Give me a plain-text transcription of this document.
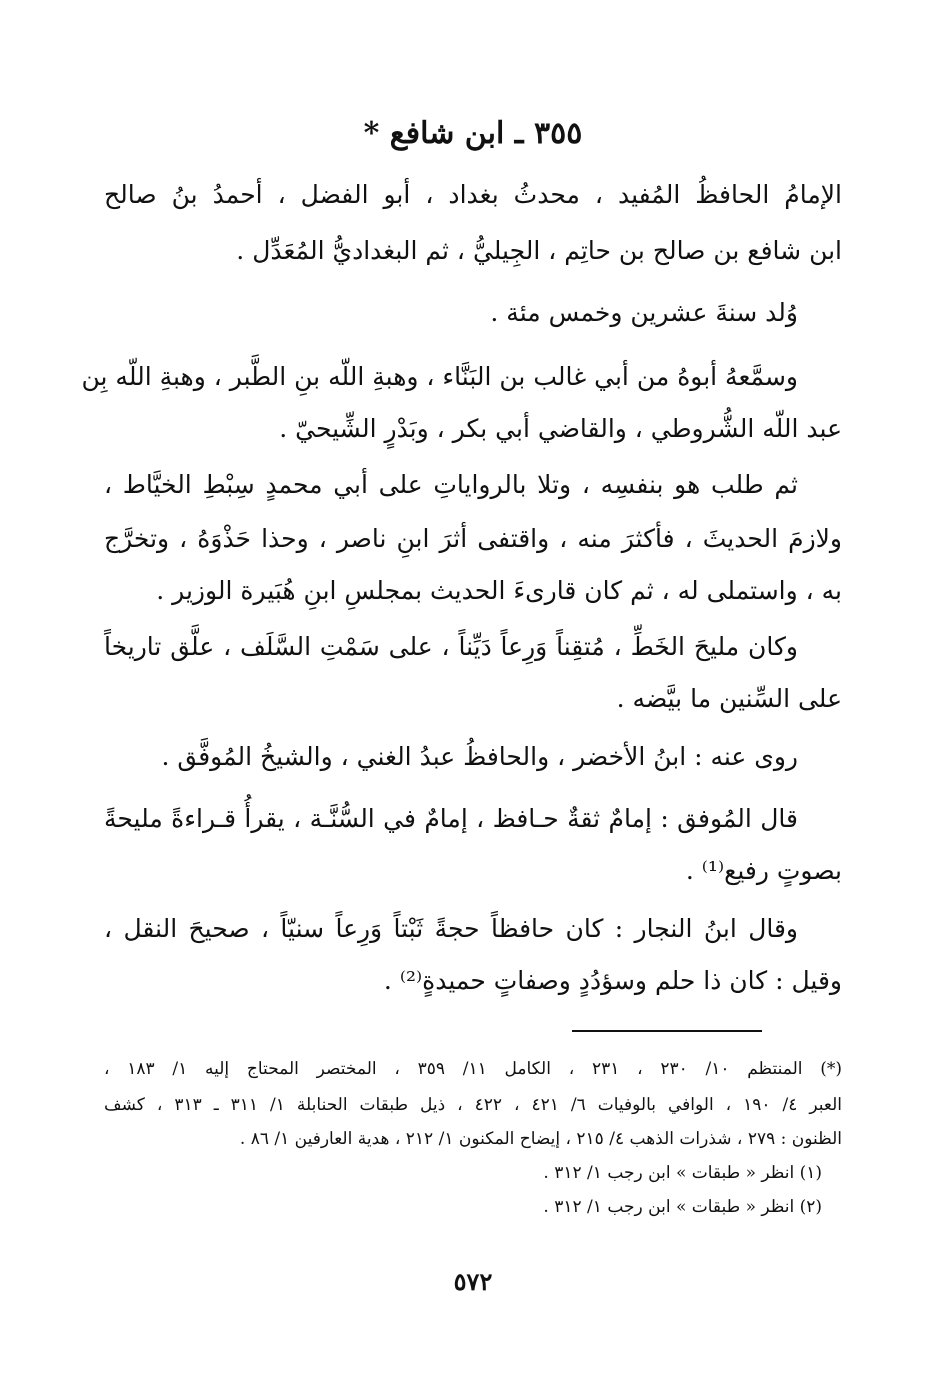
٣٥٥ ـ ابن شافع *
الإمامُ الحافظُ المُفيد ، محدثُ بغداد ، أبو الفضل ، أحمدُ بنُ صالح
ابن شافع بن صالح بن حاتِم ، الجِيليُّ ، ثم البغداديُّ المُعَدِّل .
وُلد سنةَ عشرين وخمس مئة .
وسمَّعهُ أبوهُ من أبي غالب بن البَنَّاء ، وهبةِ اللّه بنِ الطَّبر ، وهبةِ اللّه بِن
عبد اللّه الشُّروطي ، والقاضي أبي بكر ، وبَدْرٍ الشِّيحيّ .
ثم طلب هو بنفسِه ، وتلا بالرواياتِ على أبي محمدٍ سِبْطِ الخيَّاط ،
ولازمَ الحديثَ ، فأكثرَ منه ، واقتفى أثرَ ابنِ ناصر ، وحذا حَذْوَهُ ، وتخرَّج
به ، واستملى له ، ثم كان قارىءَ الحديث بمجلسِ ابنِ هُبَيرة الوزير .
وكان مليحَ الخَطِّ ، مُتقِناً وَرِعاً دَيِّناً ، على سَمْتِ السَّلَف ، علَّق تاريخاً
على السِّنين ما بيَّضه .
روى عنه : ابنُ الأخضر ، والحافظُ عبدُ الغني ، والشيخُ المُوفَّق .
قال المُوفق : إمامٌ ثقةٌ حـافظ ، إمامٌ في السُّنَّـة ، يقرأُ قـراءةً مليحةً
بصوتٍ رفيع⁽¹⁾ .
وقال ابنُ النجار : كان حافظاً حجةً ثَبْتاً وَرِعاً سنيّاً ، صحيحَ النقل ،
وقيل : كان ذا حلم وسؤدُدٍ وصفاتٍ حميدةٍ⁽²⁾ .
(*) المنتظم ١٠/ ٢٣٠ ، ٢٣١ ، الكامل ١١/ ٣٥٩ ، المختصر المحتاج إليه ١/ ١٨٣ ،
العبر ٤/ ١٩٠ ، الوافي بالوفيات ٦/ ٤٢١ ، ٤٢٢ ، ذيل طبقات الحنابلة ١/ ٣١١ ـ ٣١٣ ، كشف
الظنون : ٢٧٩ ، شذرات الذهب ٤/ ٢١٥ ، إيضاح المكنون ١/ ٢١٢ ، هدية العارفين ١/ ٨٦ .
(١) انظر « طبقات » ابن رجب ١/ ٣١٢ .
(٢) انظر « طبقات » ابن رجب ١/ ٣١٢ .
٥٧٢
